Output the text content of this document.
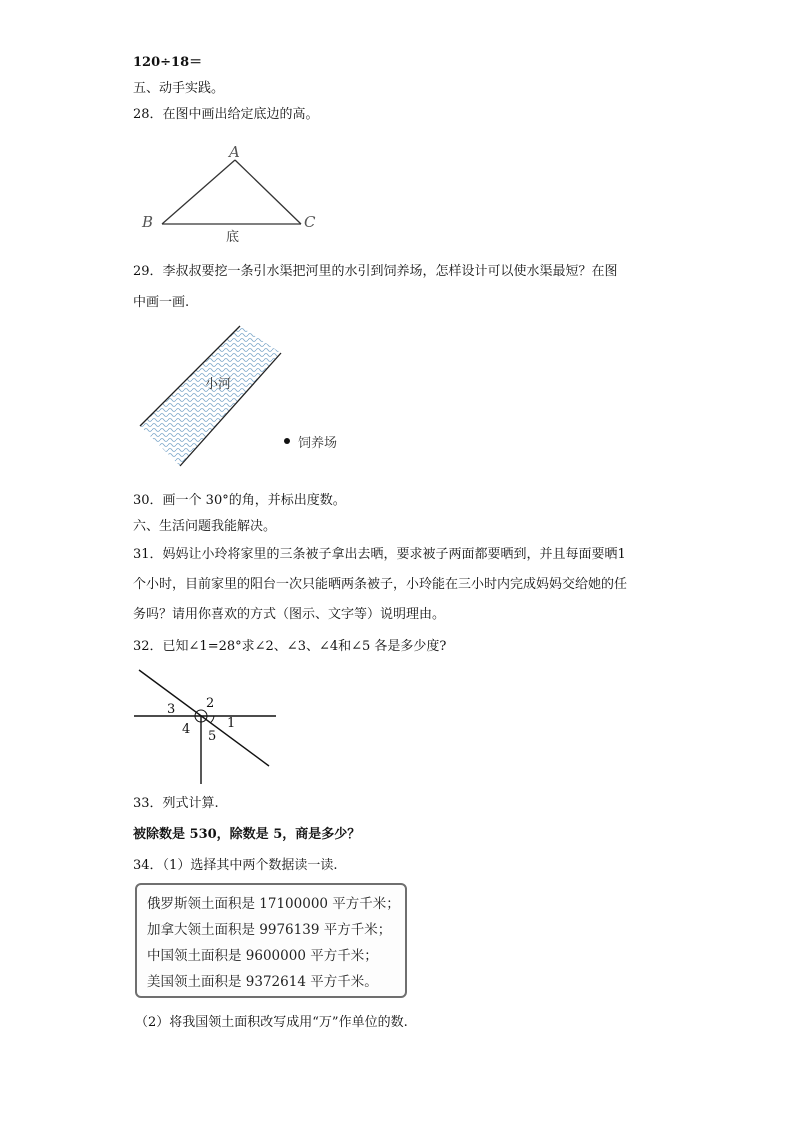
120÷18＝
五、动手实践。
28．在图中画出给定底边的高。
A
B	C
底
29．李叔叔要挖一条引水渠把河里的水引到饲养场，怎样设计可以使水渠最短？在图
中画一画.
小河
饲养场
30．画一个 30°的角，并标出度数。
六、生活问题我能解决。
31．妈妈让小玲将家里的三条被子拿出去晒，要求被子两面都要晒到，并且每面要晒1
个小时，目前家里的阳台一次只能晒两条被子，小玲能在三小时内完成妈妈交给她的任
务吗？请用你喜欢的方式（图示、文字等）说明理由。
32．已知∠1=28°求∠2、∠3、∠4和∠5 各是多少度?
3 2
1
4 5
33．列式计算.
被除数是 530，除数是 5，商是多少？
34．（1）选择其中两个数据读一读.
俄罗斯领土面积是 17100000 平方千米；
加拿大领土面积是 9976139 平方千米；
中国领土面积是 9600000 平方千米；
美国领土面积是 9372614 平方千米。
（2）将我国领土面积改写成用“万”作单位的数.
